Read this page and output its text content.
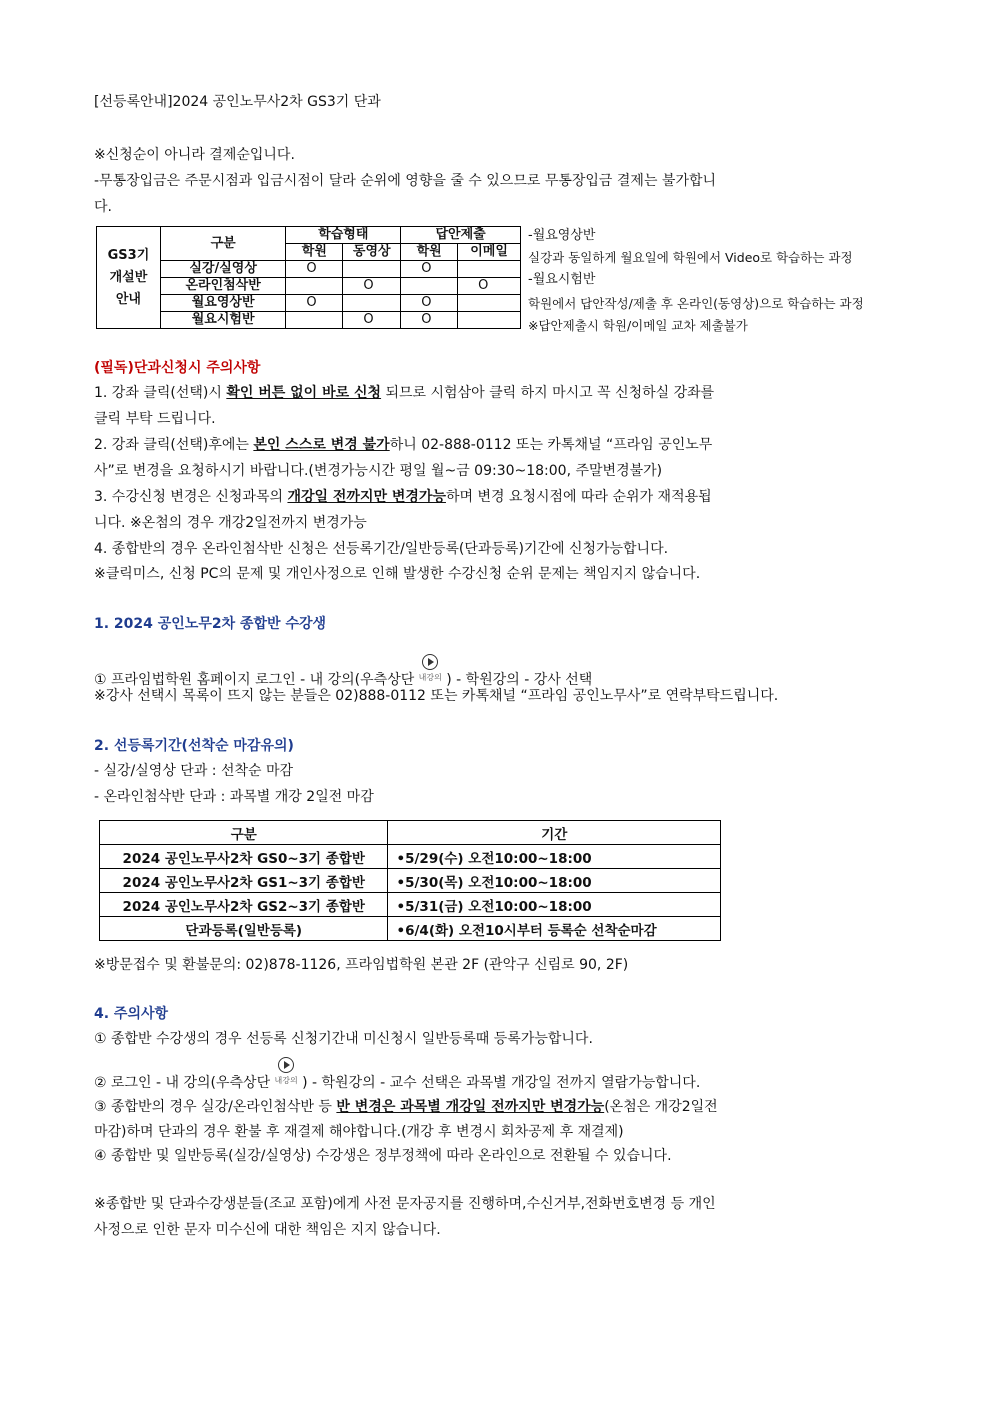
[선등록안내]2024 공인노무사2차 GS3기 단과
※신청순이 아니라 결제순입니다.
-무통장입금은 주문시점과 입금시점이 달라 순위에 영향을 줄 수 있으므로 무통장입금 결제는 불가합니
다.
GS3기
개설반
안내	구분	학습형태		답안제출	
		학원	동영상	학원	이메일
	실강/실영상	O		O	
	온라인첨삭반		O		O
	월요영상반	O		O	
	월요시험반		O	O	
-월요영상반
실강과 동일하게 월요일에 학원에서 Video로 학습하는 과정
-월요시험반
학원에서 답안작성/제출 후 온라인(동영상)으로 학습하는 과정
※답안제출시 학원/이메일 교차 제출불가
(필독)단과신청시 주의사항
1. 강좌 클릭(선택)시 확인 버튼 없이 바로 신청 되므로 시험삼아 클릭 하지 마시고 꼭 신청하실 강좌를
클릭 부탁 드립니다.
2. 강좌 클릭(선택)후에는 본인 스스로 변경 불가하니 02-888-0112 또는 카톡채널 “프라임 공인노무
사”로 변경을 요청하시기 바랍니다.(변경가능시간 평일 월~금 09:30~18:00, 주말변경불가)
3. 수강신청 변경은 신청과목의 개강일 전까지만 변경가능하며 변경 요청시점에 따라 순위가 재적용됩
니다. ※온첨의 경우 개강2일전까지 변경가능
4. 종합반의 경우 온라인첨삭반 신청은 선등록기간/일반등록(단과등록)기간에 신청가능합니다.
※클릭미스, 신청 PC의 문제 및 개인사정으로 인해 발생한 수강신청 순위 문제는 책임지지 않습니다.
1. 2024 공인노무2차 종합반 수강생
① 프라임법학원 홈페이지 로그인 - 내 강의(우측상단 내강의 ) - 학원강의 - 강사 선택
※강사 선택시 목록이 뜨지 않는 분들은 02)888-0112 또는 카톡채널 “프라임 공인노무사”로 연락부탁드립니다.
2. 선등록기간(선착순 마감유의)
- 실강/실영상 단과 : 선착순 마감
- 온라인첨삭반 단과 : 과목별 개강 2일전 마감
구분	기간
2024 공인노무사2차 GS0~3기 종합반	•5/29(수) 오전10:00~18:00
2024 공인노무사2차 GS1~3기 종합반	•5/30(목) 오전10:00~18:00
2024 공인노무사2차 GS2~3기 종합반	•5/31(금) 오전10:00~18:00
단과등록(일반등록)	•6/4(화) 오전10시부터 등록순 선착순마감
※방문접수 및 환불문의: 02)878-1126, 프라임법학원 본관 2F (관악구 신림로 90, 2F)
4. 주의사항
① 종합반 수강생의 경우 선등록 신청기간내 미신청시 일반등록때 등록가능합니다.
② 로그인 - 내 강의(우측상단 내강의 ) - 학원강의 - 교수 선택은 과목별 개강일 전까지 열람가능합니다.
③ 종합반의 경우 실강/온라인첨삭반 등 반 변경은 과목별 개강일 전까지만 변경가능(온첨은 개강2일전
마감)하며 단과의 경우 환불 후 재결제 해야합니다.(개강 후 변경시 회차공제 후 재결제)
④ 종합반 및 일반등록(실강/실영상) 수강생은 정부정책에 따라 온라인으로 전환될 수 있습니다.
※종합반 및 단과수강생분들(조교 포함)에게 사전 문자공지를 진행하며,수신거부,전화번호변경 등 개인
사정으로 인한 문자 미수신에 대한 책임은 지지 않습니다.
